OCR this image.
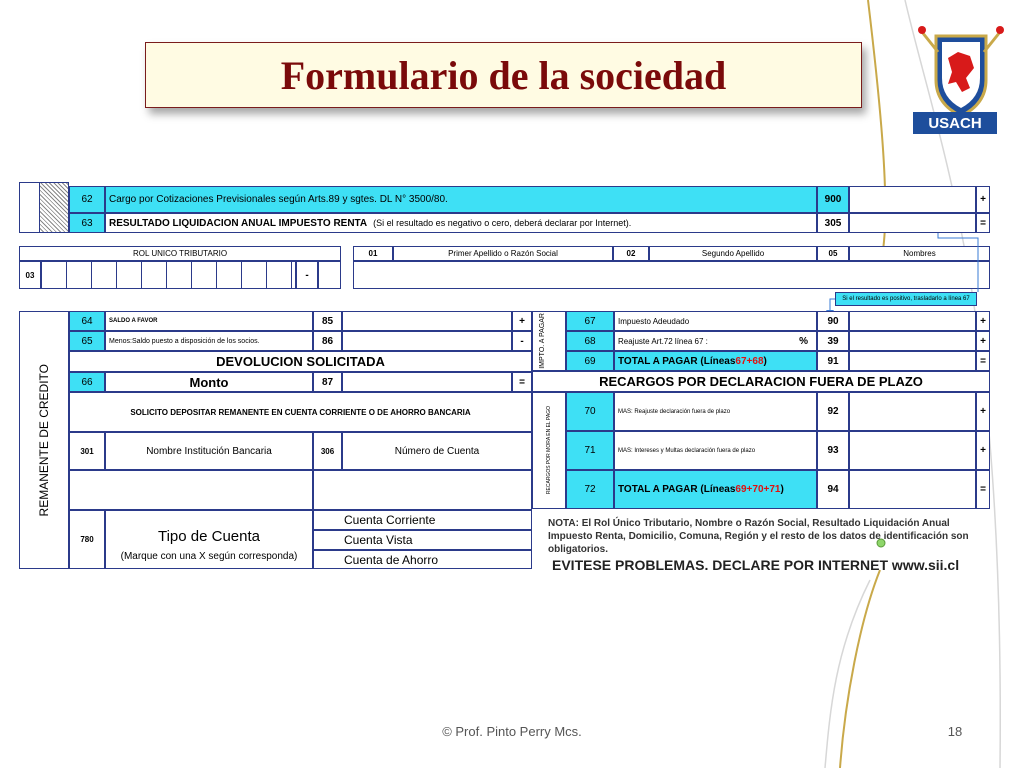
Formulario de la sociedad
USACH
62	Cargo por Cotizaciones Previsionales según Arts.89 y sgtes. DL N° 3500/80.	900	+
63	RESULTADO LIQUIDACION ANUAL IMPUESTO RENTA (Si el resultado es negativo o cero, deberá declarar por Internet).	305	=
ROL UNICO TRIBUTARIO
03	-
01	Primer Apellido o Razón Social	02	Segundo Apellido	05	Nombres
Si el resultado es positivo, trasladarlo a línea 67
REMANENTE DE CREDITO
64	SALDO A FAVOR	85	+
65	Menos:Saldo puesto a disposición de los socios.	86	-
DEVOLUCION SOLICITADA
66	Monto	87	=
SOLICITO DEPOSITAR REMANENTE EN CUENTA CORRIENTE O DE AHORRO BANCARIA
301	Nombre Institución Bancaria	306	Número de Cuenta
780	Tipo de Cuenta
(Marque con una X según corresponda)
Cuenta Corriente
Cuenta Vista
Cuenta de Ahorro
IMPTO. A PAGAR	67	Impuesto Adeudado	90	+
68	Reajuste Art.72 línea 67 :	%	39	+
69	TOTAL A PAGAR (Líneas 67+68 )	91	=
RECARGOS POR DECLARACION FUERA DE PLAZO
RECARGOS POR MORA EN EL PAGO	70	MAS: Reajuste declaración fuera de plazo	92	+
71	MAS: Intereses y Multas declaración fuera de plazo	93	+
72	TOTAL A PAGAR (Líneas 69+70+71 )	94	=
NOTA: El Rol Único Tributario, Nombre o Razón Social, Resultado Liquidación Anual Impuesto Renta, Domicilio, Comuna, Región y el resto de los datos de identificación son obligatorios.
EVITESE PROBLEMAS. DECLARE POR INTERNET www.sii.cl
© Prof. Pinto Perry Mcs.	18
